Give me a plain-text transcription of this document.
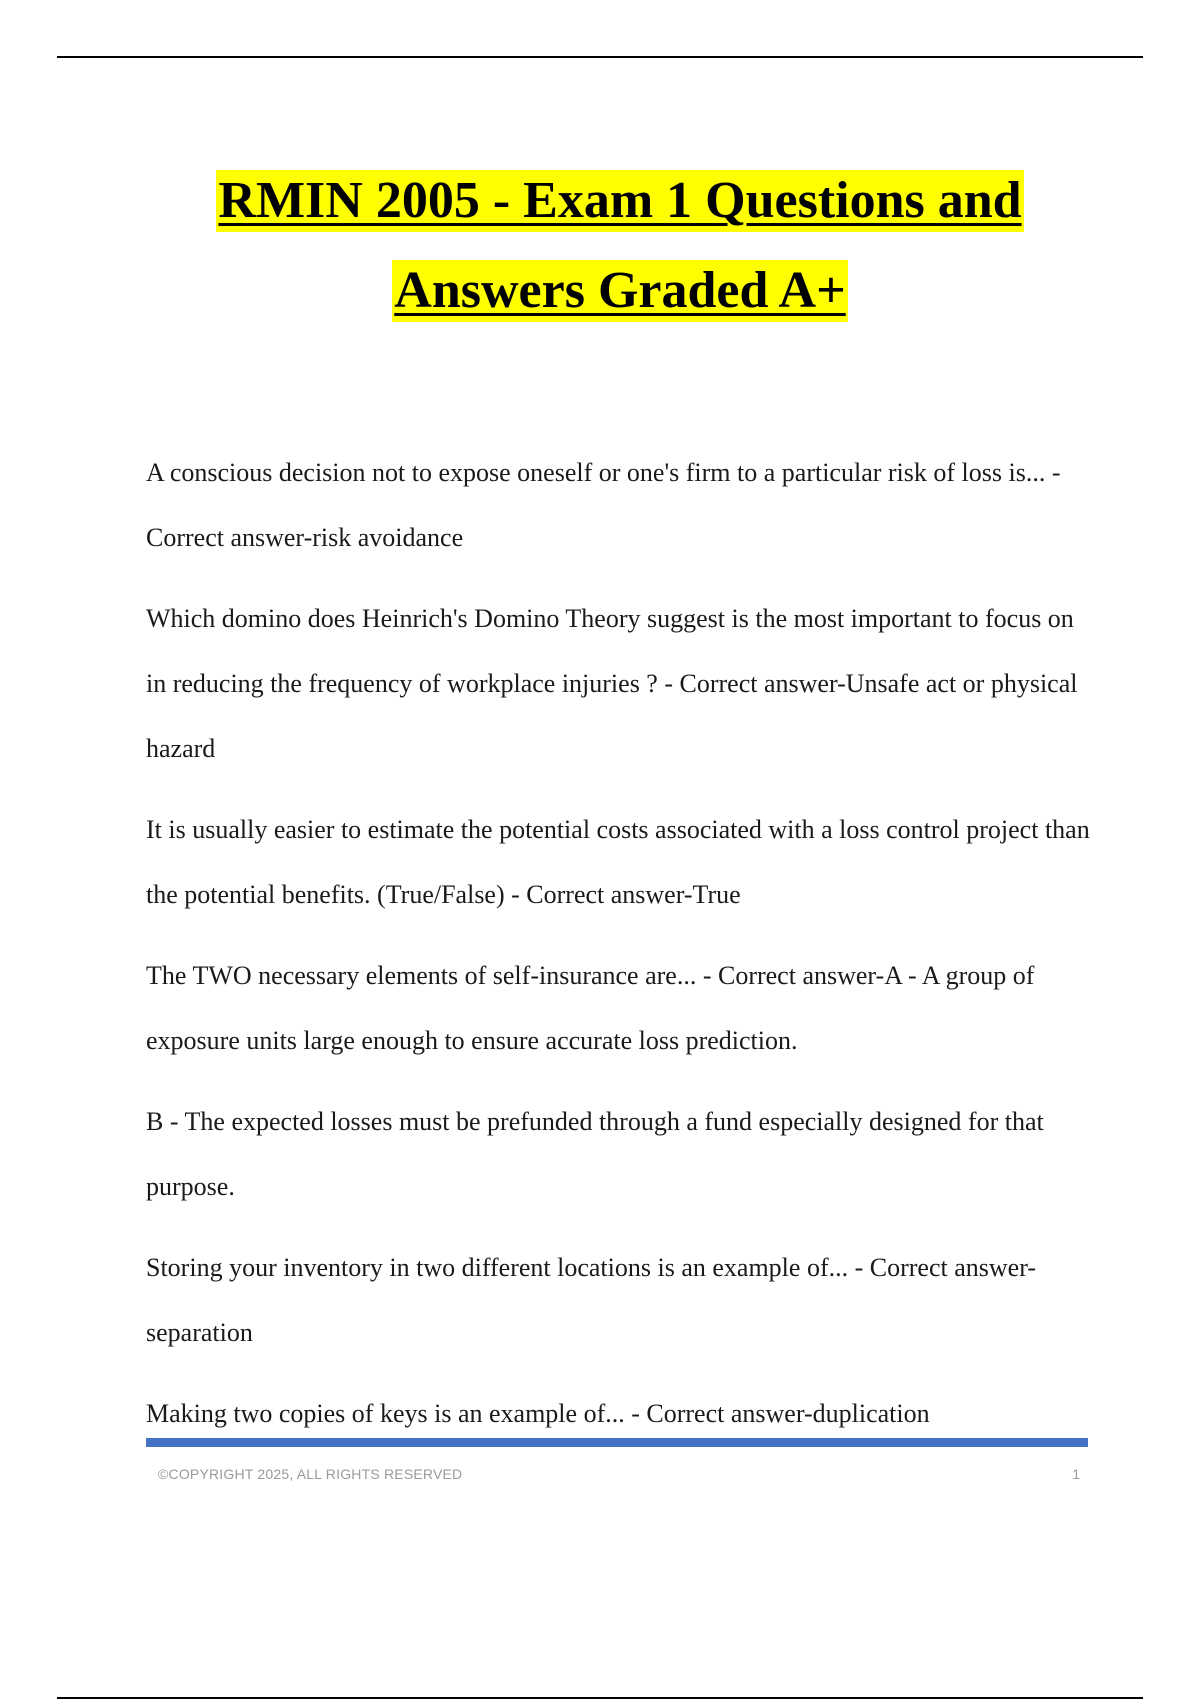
RMIN 2005 - Exam 1 Questions and
Answers Graded A+

A conscious decision not to expose oneself or one's firm to a particular risk of loss is... - Correct answer-risk avoidance

Which domino does Heinrich's Domino Theory suggest is the most important to focus on in reducing the frequency of workplace injuries ? - Correct answer-Unsafe act or physical hazard

It is usually easier to estimate the potential costs associated with a loss control project than the potential benefits. (True/False) - Correct answer-True

The TWO necessary elements of self-insurance are... - Correct answer-A - A group of exposure units large enough to ensure accurate loss prediction.

B - The expected losses must be prefunded through a fund especially designed for that purpose.

Storing your inventory in two different locations is an example of... - Correct answer-separation

Making two copies of keys is an example of... - Correct answer-duplication

©COPYRIGHT 2025, ALL RIGHTS RESERVED	1
